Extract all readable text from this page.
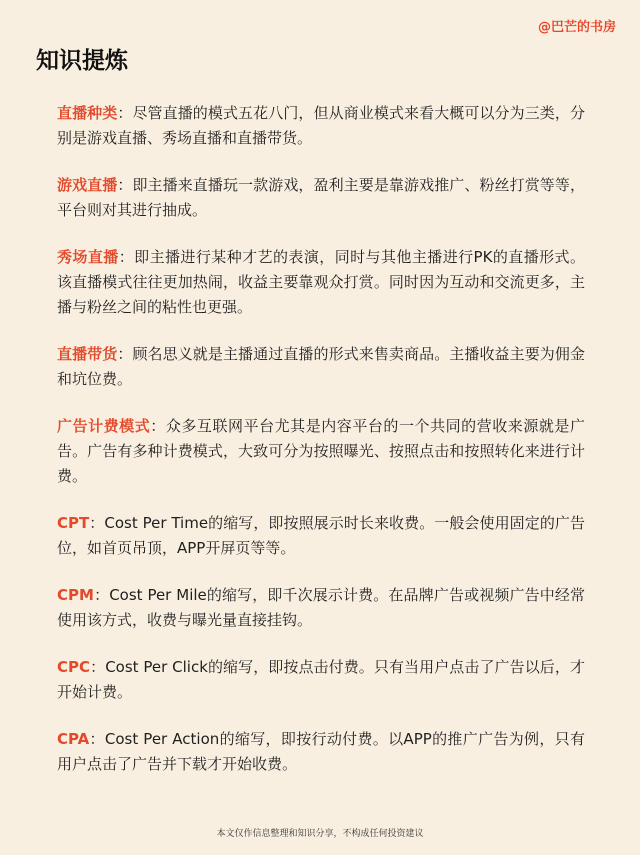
@巴芒的书房
知识提炼

直播种类：尽管直播的模式五花八门，但从商业模式来看大概可以分为三类，分别是游戏直播、秀场直播和直播带货。

游戏直播：即主播来直播玩一款游戏，盈利主要是靠游戏推广、粉丝打赏等等，平台则对其进行抽成。

秀场直播：即主播进行某种才艺的表演，同时与其他主播进行PK的直播形式。该直播模式往往更加热闹，收益主要靠观众打赏。同时因为互动和交流更多，主播与粉丝之间的粘性也更强。

直播带货：顾名思义就是主播通过直播的形式来售卖商品。主播收益主要为佣金和坑位费。

广告计费模式：众多互联网平台尤其是内容平台的一个共同的营收来源就是广告。广告有多种计费模式，大致可分为按照曝光、按照点击和按照转化来进行计费。

CPT：Cost Per Time的缩写，即按照展示时长来收费。一般会使用固定的广告位，如首页吊顶，APP开屏页等等。

CPM：Cost Per Mile的缩写，即千次展示计费。在品牌广告或视频广告中经常使用该方式，收费与曝光量直接挂钩。

CPC：Cost Per Click的缩写，即按点击付费。只有当用户点击了广告以后，才开始计费。

CPA：Cost Per Action的缩写，即按行动付费。以APP的推广广告为例，只有用户点击了广告并下载才开始收费。

本文仅作信息整理和知识分享，不构成任何投资建议
